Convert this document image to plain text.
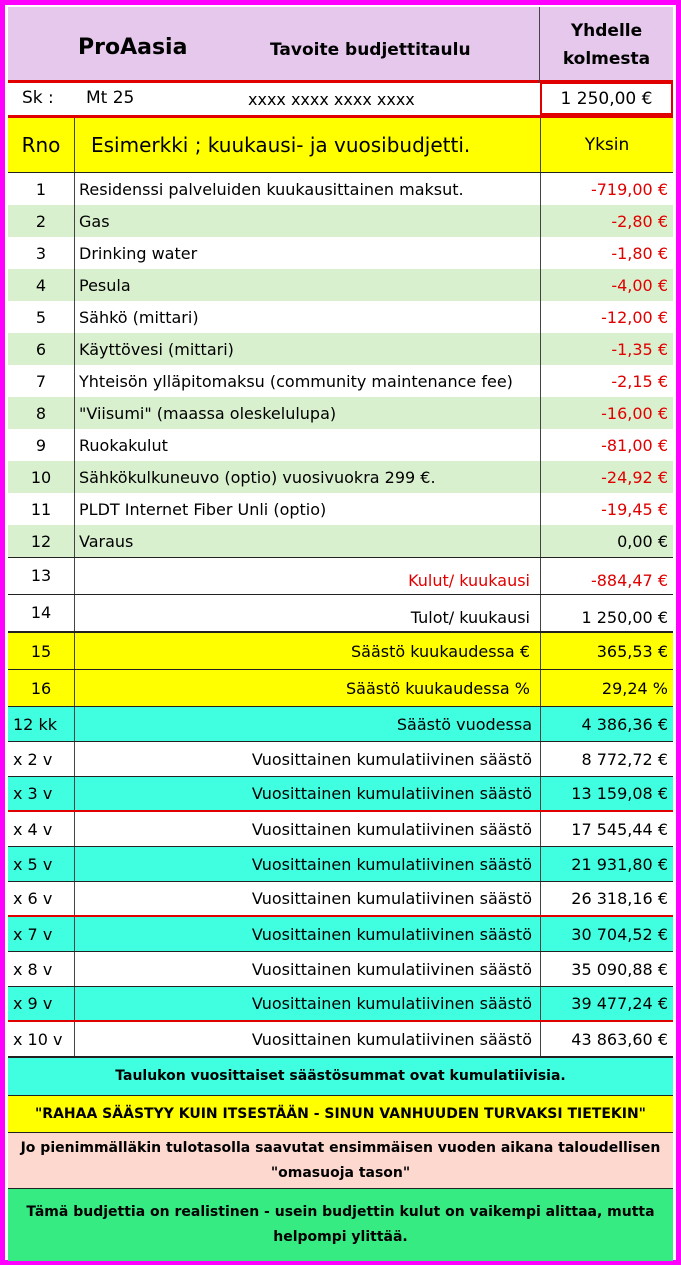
ProAasia	Tavoite budjettitaulu
Yhdelle
kolmesta
Sk : Mt 25	xxxx xxxx xxxx xxxx	1 250,00 €
Rno	Esimerkki ; kuukausi- ja vuosibudjetti.	Yksin
1	Residenssi palveluiden kuukausittainen maksut.	-719,00 €
2	Gas	-2,80 €
3	Drinking water	-1,80 €
4	Pesula	-4,00 €
5	Sähkö (mittari)	-12,00 €
6	Käyttövesi (mittari)	-1,35 €
7	Yhteisön ylläpitomaksu (community maintenance fee)	-2,15 €
8	"Viisumi" (maassa oleskelulupa)	-16,00 €
9	Ruokakulut	-81,00 €
10	Sähkökulkuneuvo (optio) vuosivuokra 299 €.	-24,92 €
11	PLDT Internet Fiber Unli (optio)	-19,45 €
12	Varaus	0,00 €
13	Kulut/ kuukausi	-884,47 €
14	Tulot/ kuukausi	1 250,00 €
15	Säästö kuukaudessa €	365,53 €
16	Säästö kuukaudessa %	29,24 %
12 kk	Säästö vuodessa	4 386,36 €
x 2 v	Vuosittainen kumulatiivinen säästö	8 772,72 €
x 3 v	Vuosittainen kumulatiivinen säästö	13 159,08 €
x 4 v	Vuosittainen kumulatiivinen säästö	17 545,44 €
x 5 v	Vuosittainen kumulatiivinen säästö	21 931,80 €
x 6 v	Vuosittainen kumulatiivinen säästö	26 318,16 €
x 7 v	Vuosittainen kumulatiivinen säästö	30 704,52 €
x 8 v	Vuosittainen kumulatiivinen säästö	35 090,88 €
x 9 v	Vuosittainen kumulatiivinen säästö	39 477,24 €
x 10 v	Vuosittainen kumulatiivinen säästö	43 863,60 €
Taulukon vuosittaiset säästösummat ovat kumulatiivisia.
"RAHAA SÄÄSTYY KUIN ITSESTÄÄN - SINUN VANHUUDEN TURVAKSI TIETEKIN"
Jo pienimmälläkin tulotasolla saavutat ensimmäisen vuoden aikana taloudellisen
"omasuoja tason"
Tämä budjettia on realistinen - usein budjettin kulut on vaikempi alittaa, mutta
helpompi ylittää.
